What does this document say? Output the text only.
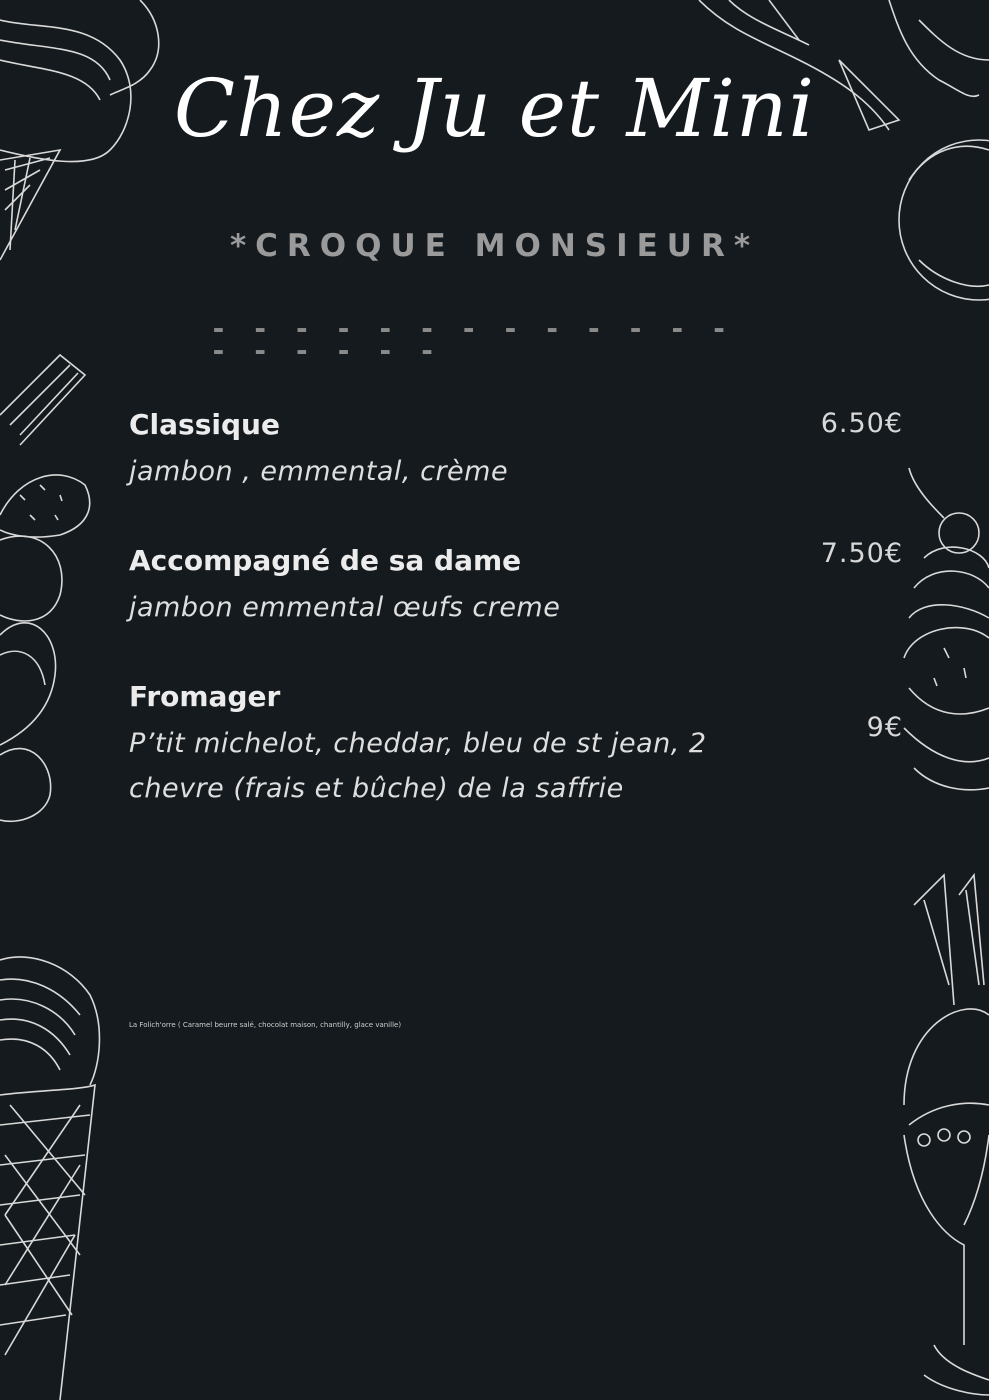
Chez Ju et Mini
*CROQUE MONSIEUR*
- - - - - - - - - - - - - - - - - - -
Classique
jambon , emmental, crème
6.50€
Accompagné de sa dame
jambon emmental œufs creme
7.50€
Fromager
P’tit michelot, cheddar, bleu de st jean, 2 chevre (frais et bûche) de la saffrie
9€
La Folich'orre ( Caramel beurre salé, chocolat maison, chantilly, glace vanille)
